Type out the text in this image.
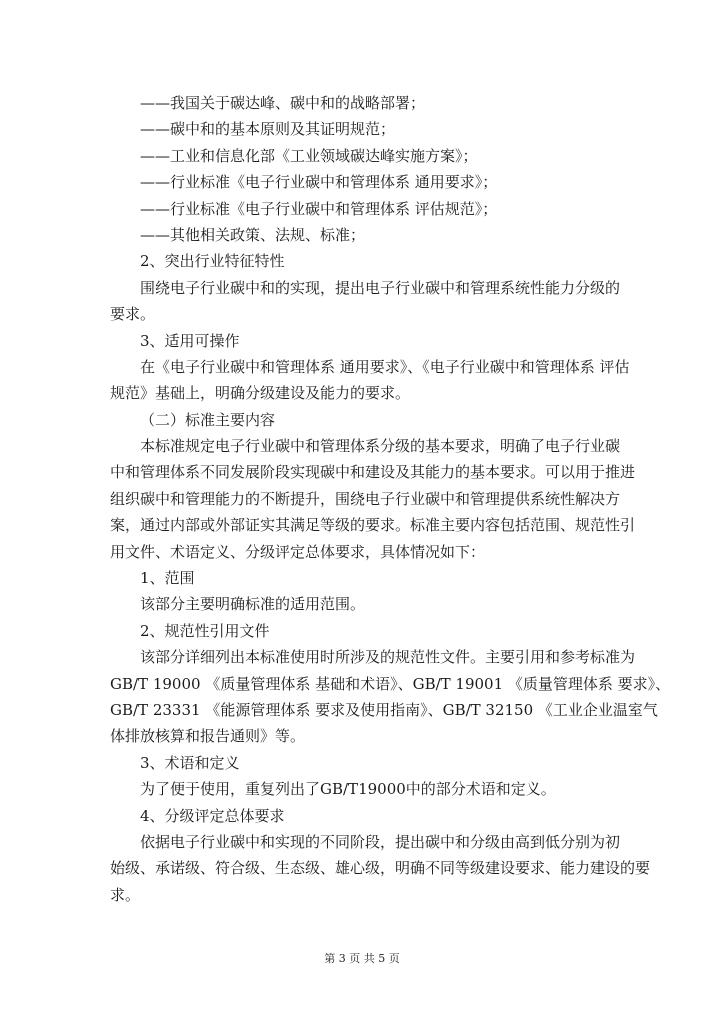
——我国关于碳达峰、碳中和的战略部署；
——碳中和的基本原则及其证明规范；
——工业和信息化部《工业领域碳达峰实施方案》；
——行业标准《电子行业碳中和管理体系 通用要求》；
——行业标准《电子行业碳中和管理体系 评估规范》；
——其他相关政策、法规、标准；
2、突出行业特征特性
围绕电子行业碳中和的实现，提出电子行业碳中和管理系统性能力分级的
要求。
3、适用可操作
在《电子行业碳中和管理体系 通用要求》、《电子行业碳中和管理体系 评估
规范》基础上，明确分级建设及能力的要求。
（二）标准主要内容
本标准规定电子行业碳中和管理体系分级的基本要求，明确了电子行业碳
中和管理体系不同发展阶段实现碳中和建设及其能力的基本要求。可以用于推进
组织碳中和管理能力的不断提升，围绕电子行业碳中和管理提供系统性解决方
案，通过内部或外部证实其满足等级的要求。标准主要内容包括范围、规范性引
用文件、术语定义、分级评定总体要求，具体情况如下：
1、范围
该部分主要明确标准的适用范围。
2、规范性引用文件
该部分详细列出本标准使用时所涉及的规范性文件。主要引用和参考标准为
GB/T 19000 《质量管理体系 基础和术语》、GB/T 19001 《质量管理体系 要求》、
GB/T 23331 《能源管理体系 要求及使用指南》、GB/T 32150 《工业企业温室气
体排放核算和报告通则》等。
3、术语和定义
为了便于使用，重复列出了GB/T19000中的部分术语和定义。
4、分级评定总体要求
依据电子行业碳中和实现的不同阶段，提出碳中和分级由高到低分别为初
始级、承诺级、符合级、生态级、雄心级，明确不同等级建设要求、能力建设的要
求。
第 3 页 共 5 页
